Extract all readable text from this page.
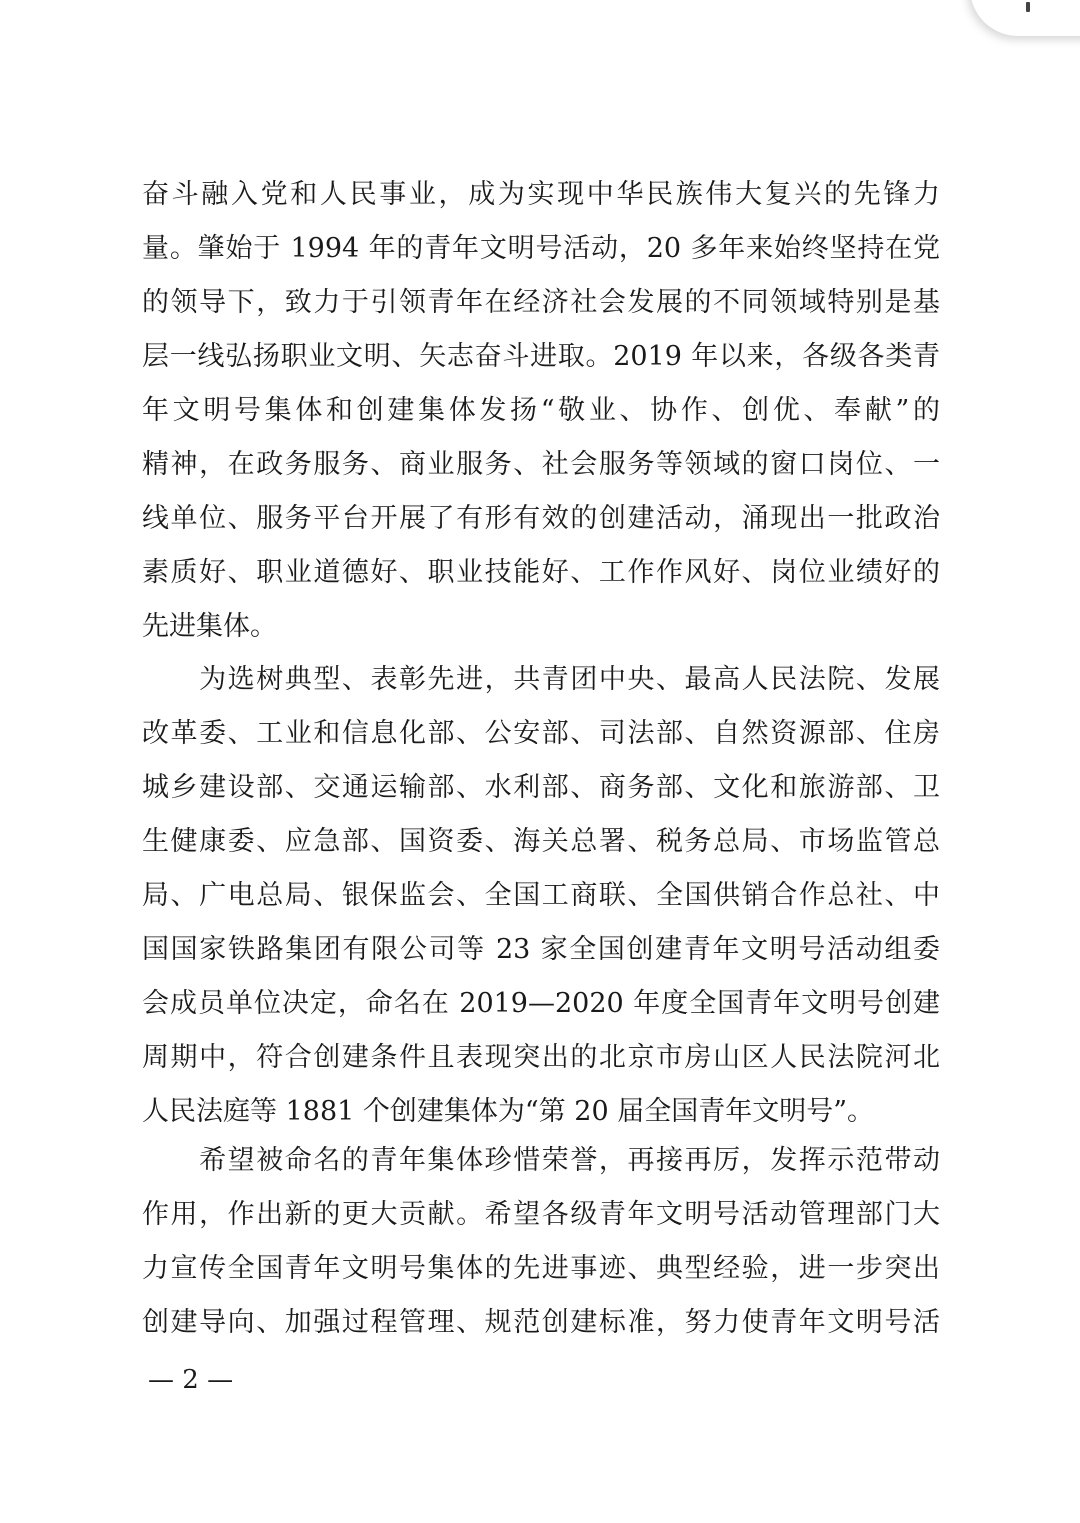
奋斗融入党和人民事业，成为实现中华民族伟大复兴的先锋力
量。肇始于 1994 年的青年文明号活动，20 多年来始终坚持在党
的领导下，致力于引领青年在经济社会发展的不同领域特别是基
层一线弘扬职业文明、矢志奋斗进取。2019 年以来，各级各类青
年文明号集体和创建集体发扬“敬业、协作、创优、奉献”的
精神，在政务服务、商业服务、社会服务等领域的窗口岗位、一
线单位、服务平台开展了有形有效的创建活动，涌现出一批政治
素质好、职业道德好、职业技能好、工作作风好、岗位业绩好的
先进集体。
　　为选树典型、表彰先进，共青团中央、最高人民法院、发展
改革委、工业和信息化部、公安部、司法部、自然资源部、住房
城乡建设部、交通运输部、水利部、商务部、文化和旅游部、卫
生健康委、应急部、国资委、海关总署、税务总局、市场监管总
局、广电总局、银保监会、全国工商联、全国供销合作总社、中
国国家铁路集团有限公司等 23 家全国创建青年文明号活动组委
会成员单位决定，命名在 2019—2020 年度全国青年文明号创建
周期中，符合创建条件且表现突出的北京市房山区人民法院河北
人民法庭等 1881 个创建集体为“第 20 届全国青年文明号”。
　　希望被命名的青年集体珍惜荣誉，再接再厉，发挥示范带动
作用，作出新的更大贡献。希望各级青年文明号活动管理部门大
力宣传全国青年文明号集体的先进事迹、典型经验，进一步突出
创建导向、加强过程管理、规范创建标准，努力使青年文明号活
— 2 —
